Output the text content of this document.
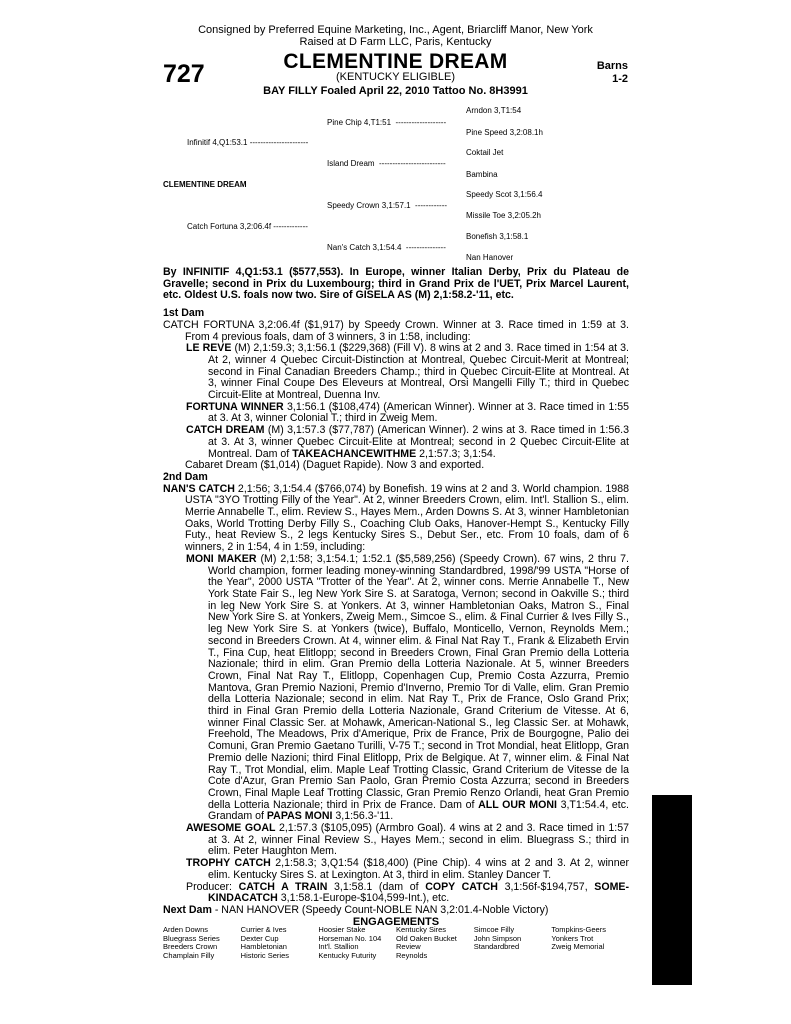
Consigned by Preferred Equine Marketing, Inc., Agent, Briarcliff Manor, New York
Raised at D Farm LLC, Paris, Kentucky
727	CLEMENTINE DREAM
(KENTUCKY ELIGIBLE)
Barns
1-2
BAY FILLY Foaled April 22, 2010 Tattoo No. 8H3991
Arndon 3,T1:54
Pine Chip 4,T1:51  -------------------
Pine Speed 3,2:08.1h
Infinitif 4,Q1:53.1 ----------------------
Coktail Jet
Island Dream  -------------------------
Bambina
CLEMENTINE DREAM
Speedy Scot 3,1:56.4
Speedy Crown 3,1:57.1  ------------
Missile Toe 3,2:05.2h
Catch Fortuna 3,2:06.4f -------------
Bonefish 3,1:58.1
Nan's Catch 3,1:54.4  ---------------
Nan Hanover

By INFINITIF 4,Q1:53.1 ($577,553). In Europe, winner Italian Derby, Prix du Plateau de Gravelle; second in Prix du Luxembourg; third in Grand Prix de l'UET, Prix Marcel Laurent, etc. Oldest U.S. foals now two. Sire of GISELA AS (M) 2,1:58.2-'11, etc.

1st Dam

CATCH FORTUNA 3,2:06.4f ($1,917) by Speedy Crown. Winner at 3. Race timed in 1:59 at 3. From 4 previous foals, dam of 3 winners, 3 in 1:58, including:

LE REVE (M) 2,1:59.3; 3,1:56.1 ($229,368) (Fill V). 8 wins at 2 and 3. Race timed in 1:54 at 3. At 2, winner 4 Quebec Circuit-Distinction at Montreal, Quebec Circuit-Merit at Montreal; second in Final Canadian Breeders Champ.; third in Quebec Circuit-Elite at Montreal. At 3, winner Final Coupe Des Eleveurs at Montreal, Orsi Mangelli Filly T.; third in Quebec Circuit-Elite at Montreal, Duenna Inv.

FORTUNA WINNER 3,1:56.1 ($108,474) (American Winner). Winner at 3. Race timed in 1:55 at 3. At 3, winner Colonial T.; third in Zweig Mem.

CATCH DREAM (M) 3,1:57.3 ($77,787) (American Winner). 2 wins at 3. Race timed in 1:56.3 at 3. At 3, winner Quebec Circuit-Elite at Montreal; second in 2 Quebec Circuit-Elite at Montreal. Dam of TAKEACHANCEWITHME 2,1:57.3; 3,1:54.

Cabaret Dream ($1,014) (Daguet Rapide). Now 3 and exported.

2nd Dam

NAN'S CATCH 2,1:56; 3,1:54.4 ($766,074) by Bonefish. 19 wins at 2 and 3. World champion. 1988 USTA "3YO Trotting Filly of the Year". At 2, winner Breeders Crown, elim. Int'l. Stallion S., elim. Merrie Annabelle T., elim. Review S., Hayes Mem., Arden Downs S. At 3, winner Hambletonian Oaks, World Trotting Derby Filly S., Coaching Club Oaks, Hanover-Hempt S., Kentucky Filly Futy., heat Review S., 2 legs Kentucky Sires S., Debut Ser., etc. From 10 foals, dam of 6 winners, 2 in 1:54, 4 in 1:59, including:

MONI MAKER (M) 2,1:58; 3,1:54.1; 1:52.1 ($5,589,256) (Speedy Crown). 67 wins, 2 thru 7. World champion, former leading money-winning Standardbred, 1998/'99 USTA "Horse of the Year", 2000 USTA "Trotter of the Year". At 2, winner cons. Merrie Annabelle T., New York State Fair S., leg New York Sire S. at Saratoga, Vernon; second in Oakville S.; third in leg New York Sire S. at Yonkers. At 3, winner Hambletonian Oaks, Matron S., Final New York Sire S. at Yonkers, Zweig Mem., Simcoe S., elim. & Final Currier & Ives Filly S., leg New York Sire S. at Yonkers (twice), Buffalo, Monticello, Vernon, Reynolds Mem.; second in Breeders Crown. At 4, winner elim. & Final Nat Ray T., Frank & Elizabeth Ervin T., Fina Cup, heat Elitlopp; second in Breeders Crown, Final Gran Premio della Lotteria Nazionale; third in elim. Gran Premio della Lotteria Nazionale. At 5, winner Breeders Crown, Final Nat Ray T., Elitlopp, Copenhagen Cup, Premio Costa Azzurra, Premio Mantova, Gran Premio Nazioni, Premio d'Inverno, Premio Tor di Valle, elim. Gran Premio della Lotteria Nazionale; second in elim. Nat Ray T., Prix de France, Oslo Grand Prix; third in Final Gran Premio della Lotteria Nazionale, Grand Criterium de Vitesse. At 6, winner Final Classic Ser. at Mohawk, American-National S., leg Classic Ser. at Mohawk, Freehold, The Meadows, Prix d'Amerique, Prix de France, Prix de Bourgogne, Palio dei Comuni, Gran Premio Gaetano Turilli, V-75 T.; second in Trot Mondial, heat Elitlopp, Gran Premio delle Nazioni; third Final Elitlopp, Prix de Belgique. At 7, winner elim. & Final Nat Ray T., Trot Mondial, elim. Maple Leaf Trotting Classic, Grand Criterium de Vitesse de la Cote d'Azur, Gran Premio San Paolo, Gran Premio Costa Azzurra; second in Breeders Crown, Final Maple Leaf Trotting Classic, Gran Premio Renzo Orlandi, heat Gran Premio della Lotteria Nazionale; third in Prix de France. Dam of ALL OUR MONI 3,T1:54.4, etc. Grandam of PAPAS MONI 3,1:56.3-'11.

AWESOME GOAL 2,1:57.3 ($105,095) (Armbro Goal). 4 wins at 2 and 3. Race timed in 1:57 at 3. At 2, winner Final Review S., Hayes Mem.; second in elim. Bluegrass S.; third in elim. Peter Haughton Mem.

TROPHY CATCH 2,1:58.3; 3,Q1:54 ($18,400) (Pine Chip). 4 wins at 2 and 3. At 2, winner elim. Kentucky Sires S. at Lexington. At 3, third in elim. Stanley Dancer T.

Producer: CATCH A TRAIN 3,1:58.1 (dam of COPY CATCH 3,1:56f-$194,757, SOME-KINDACATCH 3,1:58.1-Europe-$104,599-Int.), etc.

Next Dam - NAN HANOVER (Speedy Count-NOBLE NAN 3,2:01.4-Noble Victory)

ENGAGEMENTS
Arden Downs
Bluegrass Series
Breeders Crown
Champlain Filly
Currier & Ives
Dexter Cup
Hambletonian
Historic Series
Hoosier Stake
Horseman No. 104
Int'l. Stallion
Kentucky Futurity
Kentucky Sires
Old Oaken Bucket
Review
Reynolds
Simcoe Filly
John Simpson
Standardbred
Tompkins-Geers
Yonkers Trot
Zweig Memorial
